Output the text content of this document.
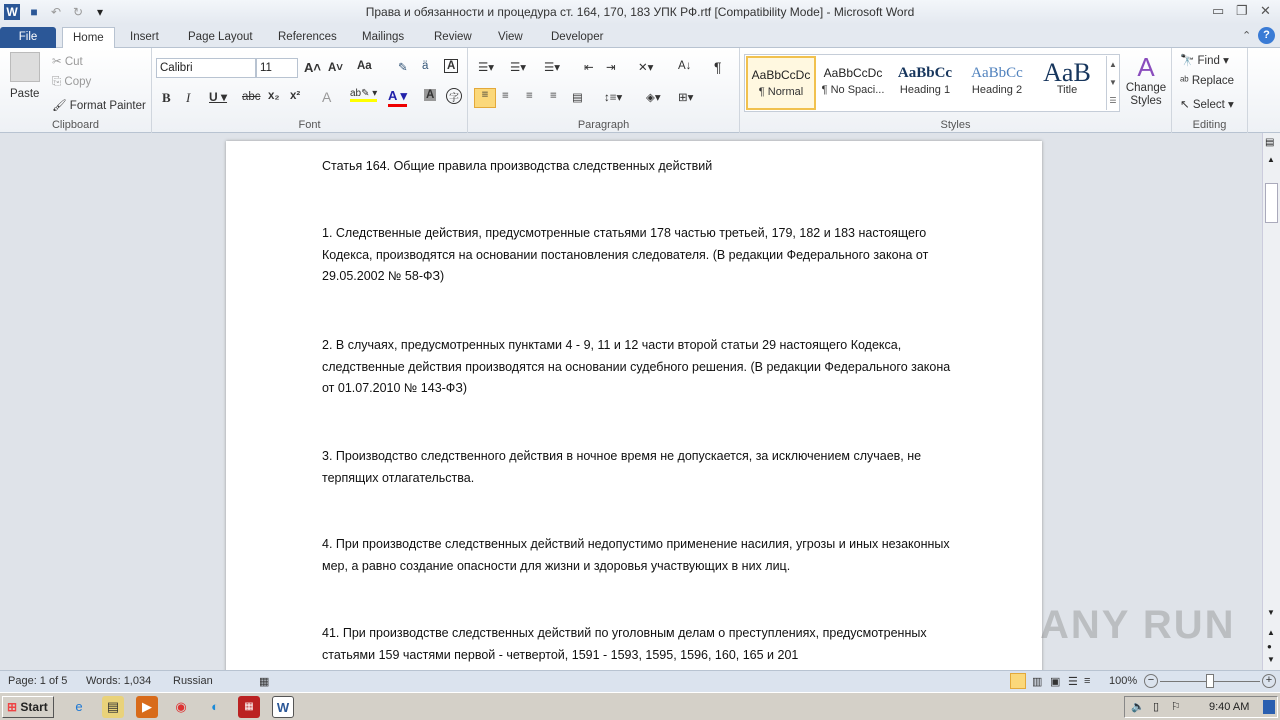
W	■	↶ ↻	▾	Права и обязанности и процедура ст. 164, 170, 183 УПК РФ.rtf [Compatibility Mode] - Microsoft Word	▭ ❐ ✕
File	Home	Insert	Page Layout	References	Mailings	Review	View	Developer	⌃	?
Paste
✂ Cut
⎘ Copy
🖌 Format Painter
Clipboard
Calibri	11	A˄ A˅ Aa ✎ ä A
B I U ▾ abc x₂ x² A ab✎ ▾ A ▾ A	字
Font
☰▾ ☰▾ ☰▾ ⇤ ⇥ ✕▾ A↓ ¶
≡	≡ ≡ ≡ ▤ ↕≡▾ ◈▾ ⊞▾
Paragraph
AaBbCcDc
¶ Normal
AaBbCcDc
¶ No Spaci...
AaBbCc
Heading 1
AaBbCc
Heading 2
AaB
Title
▲
▼
☰
A
Change Styles
Styles
🔭 Find ▾
ᵃᵇ Replace
↖ Select ▾
Editing
Статья 164. Общие правила производства следственных действий
1. Следственные действия, предусмотренные статьями 178 частью третьей, 179, 182 и 183 настоящего Кодекса, производятся на основании постановления следователя. (В редакции Федерального закона от 29.05.2002 № 58-ФЗ)
2. В случаях, предусмотренных пунктами 4 - 9, 11 и 12 части второй статьи 29 настоящего Кодекса, следственные действия производятся на основании судебного решения. (В редакции Федерального закона от 01.07.2010 № 143-ФЗ)
3. Производство следственного действия в ночное время не допускается, за исключением случаев, не терпящих отлагательства.
4. При производстве следственных действий недопустимо применение насилия, угрозы и иных незаконных мер, а равно создание опасности для жизни и здоровья участвующих в них лиц.
41. При производстве следственных действий по уголовным делам о преступлениях, предусмотренных статьями 159 частями первой - четвертой, 1591 - 1593, 1595, 1596, 160, 165 и 201
ANY RUN
▤
▲
▼
▲
●
▼
Page: 1 of 5 Words: 1,034 Russian	▦	▥ ▣ ☰ ≡ 100% −	+
⊞ Start	e	▤	▶	◉	◐	▦	W	🔈 ▯ ⚐	9:40 AM
